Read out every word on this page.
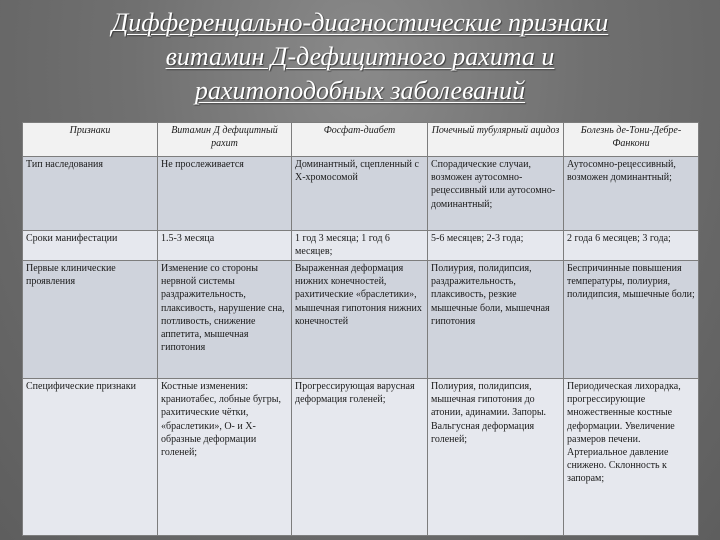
Дифференцально-диагностические признаки
витамин Д-дефицитного рахита и
рахитоподобных заболеваний
Признаки	Витамин Д дефицитный рахит	Фосфат-диабет	Почечный тубулярный ацидоз	Болезнь де-Тони-Дебре-Фанкони
Тип наследования	Не прослеживается	Доминантный, сцепленный с X-хромосомой	Спорадические случаи, возможен аутосомно-рецессивный или аутосомно-доминантный;	Аутосомно-рецессивный, возможен доминантный;
Сроки манифестации	1.5-3 месяца	1 год 3 месяца; 1 год 6 месяцев;	5-6 месяцев; 2-3 года;	2 года 6 месяцев; 3 года;
Первые клинические проявления	Изменение со стороны нервной системы раздражительность, плаксивость, нарушение сна, потливость, снижение аппетита, мышечная гипотония	Выраженная деформация нижних конечностей, рахитические «браслетики», мышечная гипотония нижних конечностей	Полиурия, полидипсия, раздражительность, плаксивость, резкие мышечные боли, мышечная гипотония	Беспричинные повышения температуры, полиурия, полидипсия, мышечные боли;
Специфические признаки	Костные изменения: краниотабес, лобные бугры, рахитические чётки, «браслетики», O- и X-образные деформации голеней;	Прогрессирующая варусная деформация голеней;	Полиурия, полидипсия, мышечная гипотония до атонии, адинамии. Запоры. Вальгусная деформация голеней;	Периодическая лихорадка, прогрессирующие множественные костные деформации. Увеличение размеров печени. Артериальное давление снижено. Склонность к запорам;
